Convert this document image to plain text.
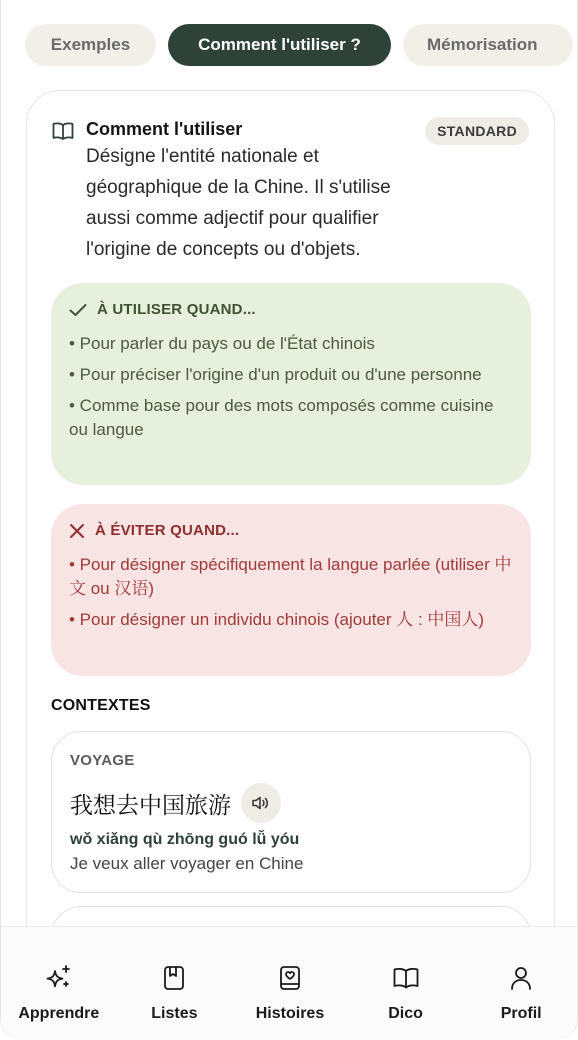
Exemples	Comment l'utiliser ?	Mémorisation
Comment l'utiliser	STANDARD
Désigne l'entité nationale et géographique de la Chine. Il s'utilise aussi comme adjectif pour qualifier l'origine de concepts ou d'objets.
À UTILISER QUAND...
• Pour parler du pays ou de l'État chinois
• Pour préciser l'origine d'un produit ou d'une personne
• Comme base pour des mots composés comme cuisine ou langue
À ÉVITER QUAND...
• Pour désigner spécifiquement la langue parlée (utiliser 中文 ou 汉语)
• Pour désigner un individu chinois (ajouter 人 : 中国人)
CONTEXTES
VOYAGE
我想去中国旅游
wǒ xiǎng qù zhōng guó lǚ yóu
Je veux aller voyager en Chine
Apprendre	Listes	Histoires	Dico	Profil
